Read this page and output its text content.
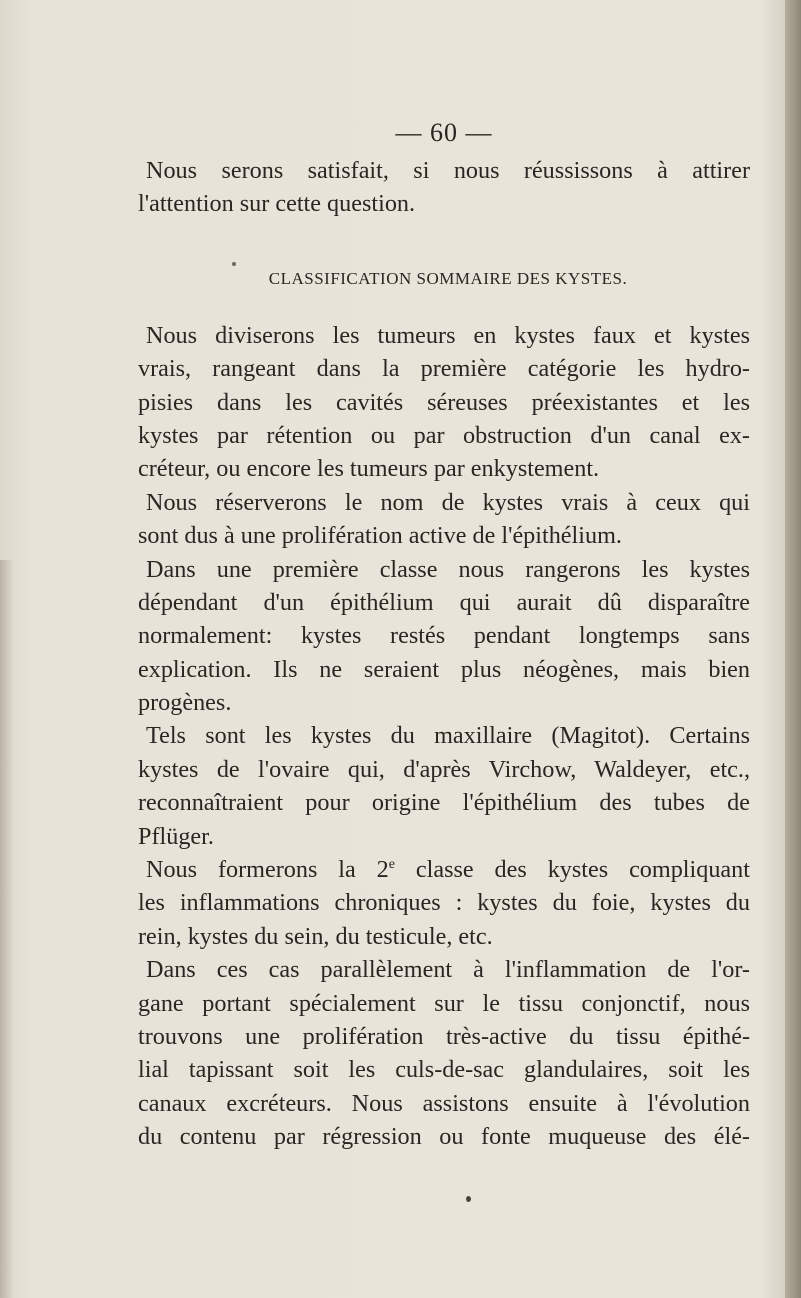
— 60 —
Nous serons satisfait, si nous réussissons à attirer
l'attention sur cette question.
CLASSIFICATION SOMMAIRE DES KYSTES.
Nous diviserons les tumeurs en kystes faux et kystes
vrais, rangeant dans la première catégorie les hydro-
pisies dans les cavités séreuses préexistantes et les
kystes par rétention ou par obstruction d'un canal ex-
créteur, ou encore les tumeurs par enkystement.
Nous réserverons le nom de kystes vrais à ceux qui
sont dus à une prolifération active de l'épithélium.
Dans une première classe nous rangerons les kystes
dépendant d'un épithélium qui aurait dû disparaître
normalement: kystes restés pendant longtemps sans
explication. Ils ne seraient plus néogènes, mais bien
progènes.
Tels sont les kystes du maxillaire (Magitot). Certains
kystes de l'ovaire qui, d'après Virchow, Waldeyer, etc.,
reconnaîtraient pour origine l'épithélium des tubes de
Pflüger.
Nous formerons la 2e classe des kystes compliquant
les inflammations chroniques : kystes du foie, kystes du
rein, kystes du sein, du testicule, etc.
Dans ces cas parallèlement à l'inflammation de l'or-
gane portant spécialement sur le tissu conjonctif, nous
trouvons une prolifération très-active du tissu épithé-
lial tapissant soit les culs-de-sac glandulaires, soit les
canaux excréteurs. Nous assistons ensuite à l'évolution
du contenu par régression ou fonte muqueuse des élé-
